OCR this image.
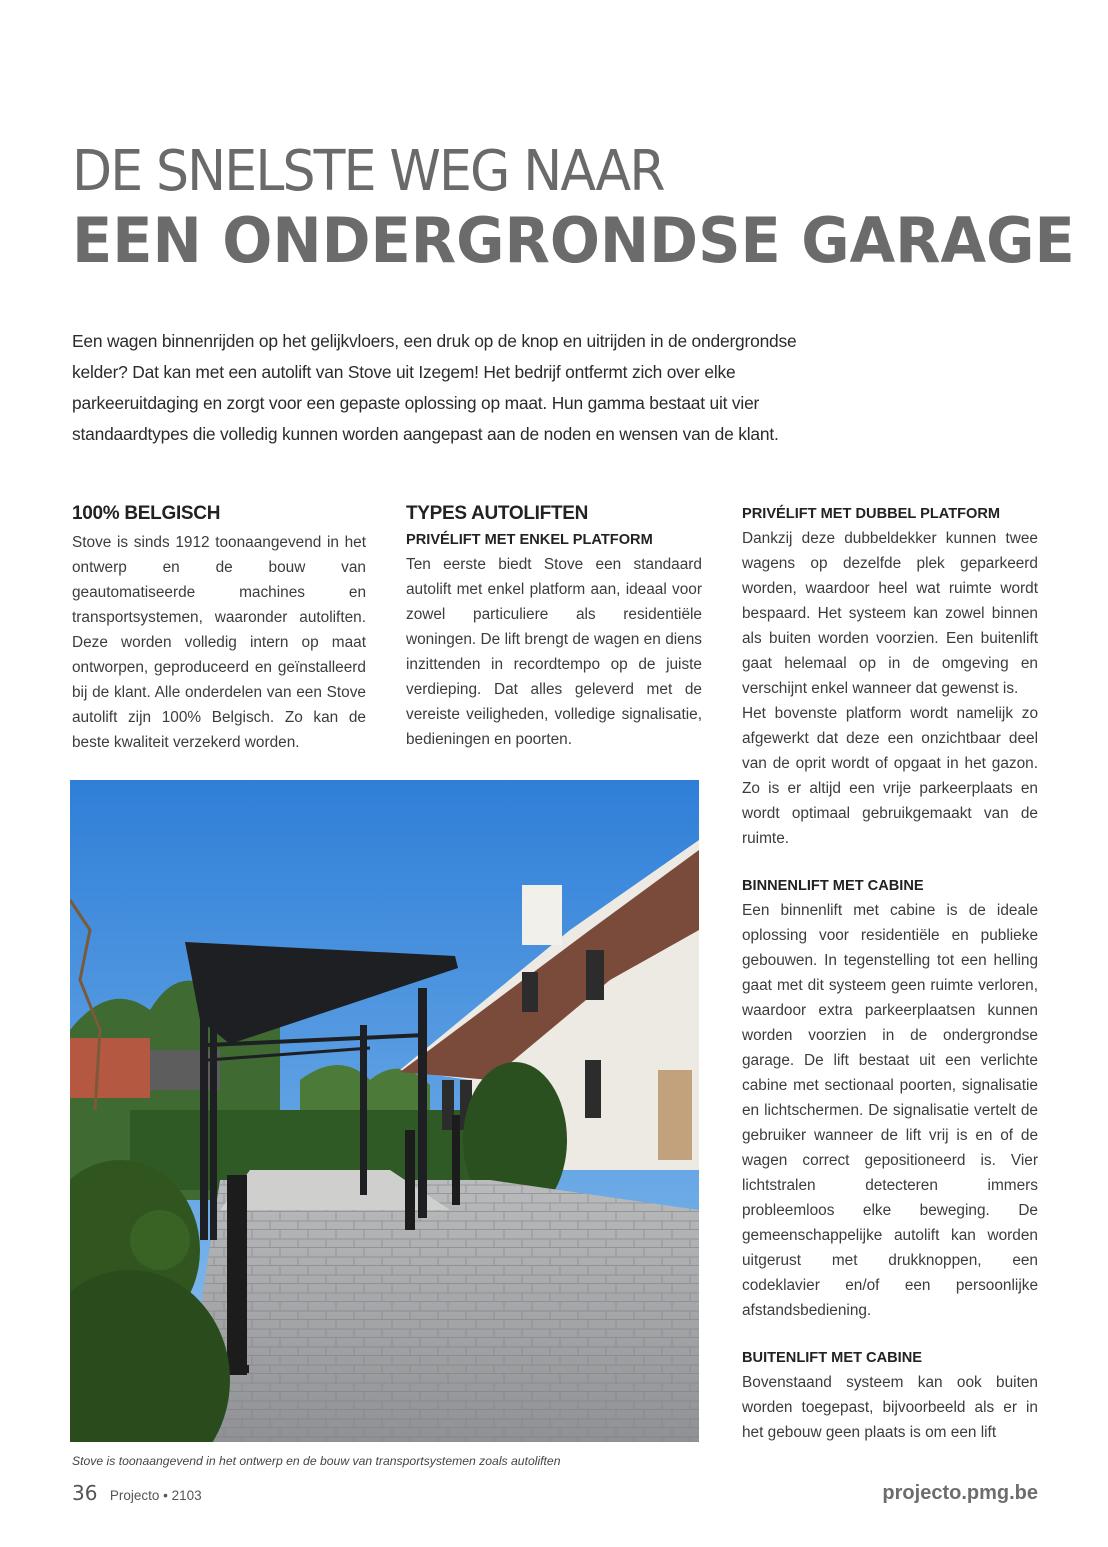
DE SNELSTE WEG NAAR
EEN ONDERGRONDSE GARAGE
Een wagen binnenrijden op het gelijkvloers, een druk op de knop en uitrijden in de ondergrondse kelder? Dat kan met een autolift van Stove uit Izegem! Het bedrijf ontfermt zich over elke parkeeruitdaging en zorgt voor een gepaste oplossing op maat. Hun gamma bestaat uit vier standaardtypes die volledig kunnen worden aangepast aan de noden en wensen van de klant.
100% BELGISCH

Stove is sinds 1912 toonaangevend in het ontwerp en de bouw van geautomatiseerde machines en transportsystemen, waaronder autoliften. Deze worden volledig intern op maat ontworpen, geproduceerd en geïnstalleerd bij de klant. Alle onderdelen van een Stove autolift zijn 100% Belgisch. Zo kan de beste kwaliteit verzekerd worden.

TYPES AUTOLIFTEN
PRIVÉLIFT MET ENKEL PLATFORM

Ten eerste biedt Stove een standaard autolift met enkel platform aan, ideaal voor zowel particuliere als residentiële woningen. De lift brengt de wagen en diens inzittenden in recordtempo op de juiste verdieping. Dat alles geleverd met de vereiste veiligheden, volledige signalisatie, bedieningen en poorten.

PRIVÉLIFT MET DUBBEL PLATFORM

Dankzij deze dubbeldekker kunnen twee wagens op dezelfde plek geparkeerd worden, waardoor heel wat ruimte wordt bespaard. Het systeem kan zowel binnen als buiten worden voorzien. Een buitenlift gaat helemaal op in de omgeving en verschijnt enkel wanneer dat gewenst is.

Het bovenste platform wordt namelijk zo afgewerkt dat deze een onzichtbaar deel van de oprit wordt of opgaat in het gazon. Zo is er altijd een vrije parkeerplaats en wordt optimaal gebruikgemaakt van de ruimte.

BINNENLIFT MET CABINE

Een binnenlift met cabine is de ideale oplossing voor residentiële en publieke gebouwen. In tegenstelling tot een helling gaat met dit systeem geen ruimte verloren, waardoor extra parkeerplaatsen kunnen worden voorzien in de ondergrondse garage. De lift bestaat uit een verlichte cabine met sectionaal poorten, signalisatie en lichtschermen. De signalisatie vertelt de gebruiker wanneer de lift vrij is en of de wagen correct gepositioneerd is. Vier lichtstralen detecteren immers probleemloos elke beweging. De gemeenschappelijke autolift kan worden uitgerust met drukknoppen, een codeklavier en/of een persoonlijke afstandsbediening.

BUITENLIFT MET CABINE

Bovenstaand systeem kan ook buiten worden toegepast, bijvoorbeeld als er in het gebouw geen plaats is om een lift

Stove is toonaangevend in het ontwerp en de bouw van transportsystemen zoals autoliften
36 Projecto • 2103	projecto.pmg.be
